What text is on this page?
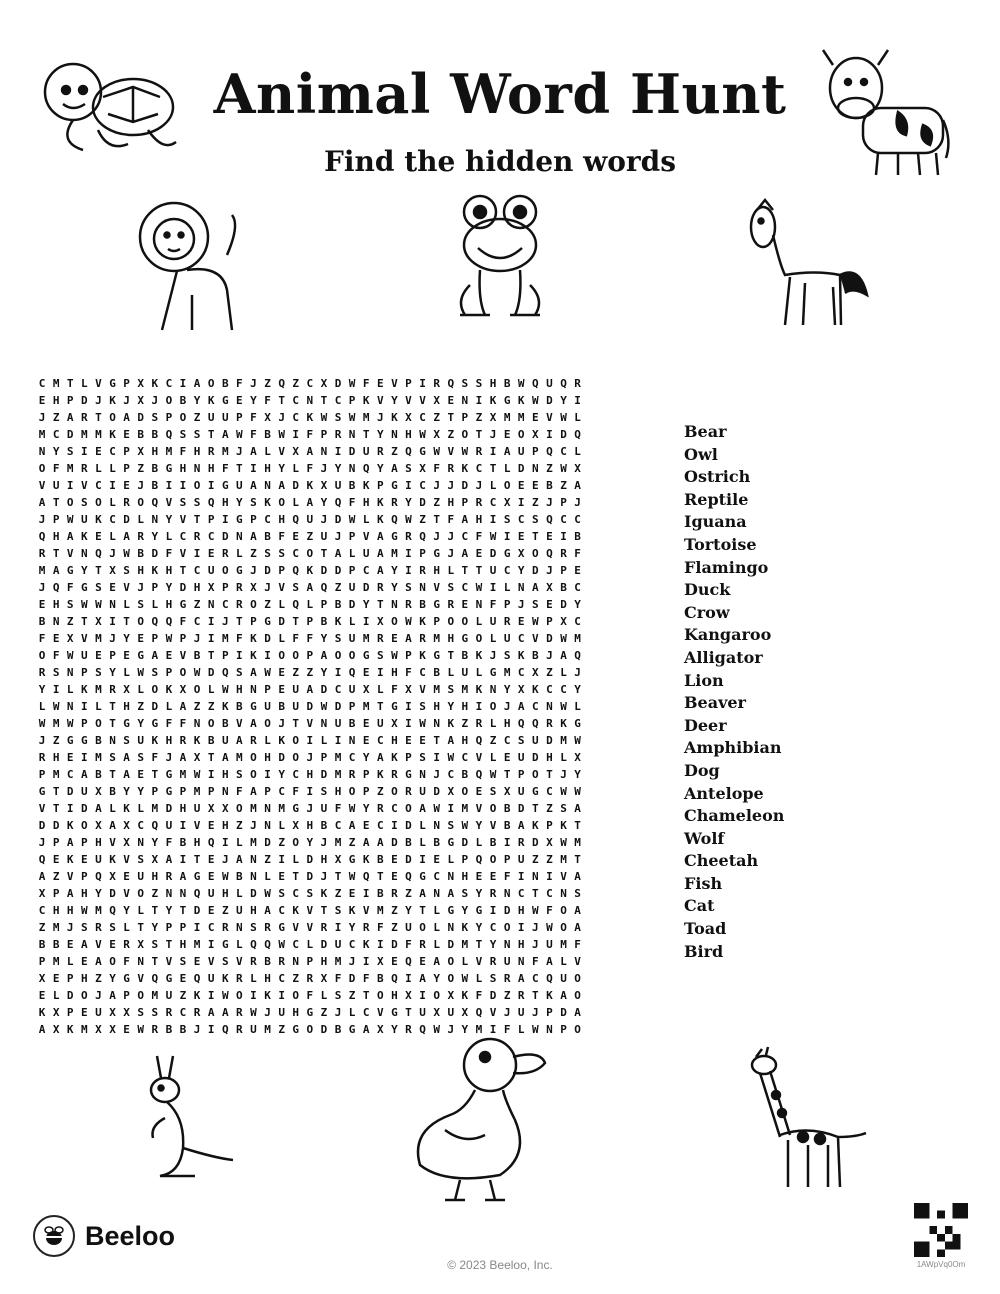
Animal Word Hunt
Find the hidden words
C M T L V G P X K C I A O B F J Z Q Z C X D W F E V P I R Q S S H B W Q U Q R
E H P D J K J X J O B Y K G E Y F T C N T C P K V Y V V X E N I K G K W D Y I
J Z A R T O A D S P O Z U U P F X J C K W S W M J K X C Z T P Z X M M E V W L
M C D M M K E B B Q S S T A W F B W I F P R N T Y N H W X Z O T J E O X I D Q
N Y S I E C P X H M F H R M J A L V X A N I D U R Z Q G W V W R I A U P Q C L
O F M R L L P Z B G H N H F T I H Y L F J Y N Q Y A S X F R K C T L D N Z W X
V U I V C I E J B I I O I G U A N A D K X U B K P G I C J J D J L O E E B Z A
A T O S O L R O Q V S S Q H Y S K O L A Y Q F H K R Y D Z H P R C X I Z J P J
J P W U K C D L N Y V T P I G P C H Q U J D W L K Q W Z T F A H I S C S Q C C
Q H A K E L A R Y L C R C D N A B F E Z U J P V A G R Q J J C F W I E T E I B
R T V N Q J W B D F V I E R L Z S S C O T A L U A M I P G J A E D G X O Q R F
M A G Y T X S H K H T C U O G J D P Q K D D P C A Y I R H L T T U C Y D J P E
J Q F G S E V J P Y D H X P R X J V S A Q Z U D R Y S N V S C W I L N A X B C
E H S W W N L S L H G Z N C R O Z L Q L P B D Y T N R B G R E N F P J S E D Y
B N Z T X I T O Q Q F C I J T P G D T P B K L I X O W K P O O L U R E W P X C
F E X V M J Y E P W P J I M F K D L F F Y S U M R E A R M H G O L U C V D W M
O F W U E P E G A E V B T P I K I O O P A O O G S W P K G T B K J S K B J A Q
R S N P S Y L W S P O W D Q S A W E Z Z Y I Q E I H F C B L U L G M C X Z L J
Y I L K M R X L O K X O L W H N P E U A D C U X L F X V M S M K N Y X K C C Y
L W N I L T H Z D L A Z Z K B G U B U D W D P M T G I S H Y H I O J A C N W L
W M W P O T G Y G F F N O B V A O J T V N U B E U X I W N K Z R L H Q Q R K G
J Z G G B N S U K H R K B U A R L K O I L I N E C H E E T A H Q Z C S U D M W
R H E I M S A S F J A X T A M O H D O J P M C Y A K P S I W C V L E U D H L X
P M C A B T A E T G M W I H S O I Y C H D M R P K R G N J C B Q W T P O T J Y
G T D U X B Y Y P G P M P N F A P C F I S H O P Z O R U D X O E S X U G C W W
V T I D A L K L M D H U X X O M N M G J U F W Y R C O A W I M V O B D T Z S A
D D K O X A X C Q U I V E H Z J N L X H B C A E C I D L N S W Y V B A K P K T
J P A P H V X N Y F B H Q I L M D Z O Y J M Z A A D B L B G D L B I R D X W M
Q E K E U K V S X A I T E J A N Z I L D H X G K B E D I E L P Q O P U Z Z M T
A Z V P Q X E U H R A G E W B N L E T D J T W Q T E Q G C N H E E F I N I V A
X P A H Y D V O Z N N Q U H L D W S C S K Z E I B R Z A N A S Y R N C T C N S
C H H W M Q Y L T Y T D E Z U H A C K V T S K V M Z Y T L G Y G I D H W F O A
Z M J S R S L T Y P P I C R N S R G V V R I Y R F Z U O L N K Y C O I J W O A
B B E A V E R X S T H M I G L Q Q W C L D U C K I D F R L D M T Y N H J U M F
P M L E A O F N T V S E V S V R B R N P H M J I X E Q E A O L V R U N F A L V
X E P H Z Y G V Q G E Q U K R L H C Z R X F D F B Q I A Y O W L S R A C Q U O
E L D O J A P O M U Z K I W O I K I O F L S Z T O H X I O X K F D Z R T K A O
K X P E U X X S S R C R A A R W J U H G Z J L C V G T U X U X Q V J U J P D A
A X K M X X E W R B B J I Q R U M Z G O D B G A X Y R Q W J Y M I F L W N P O
Bear
Owl
Ostrich
Reptile
Iguana
Tortoise
Flamingo
Duck
Crow
Kangaroo
Alligator
Lion
Beaver
Deer
Amphibian
Dog
Antelope
Chameleon
Wolf
Cheetah
Fish
Cat
Toad
Bird
Beeloo
© 2023 Beeloo, Inc.	1AWpVq0Om
